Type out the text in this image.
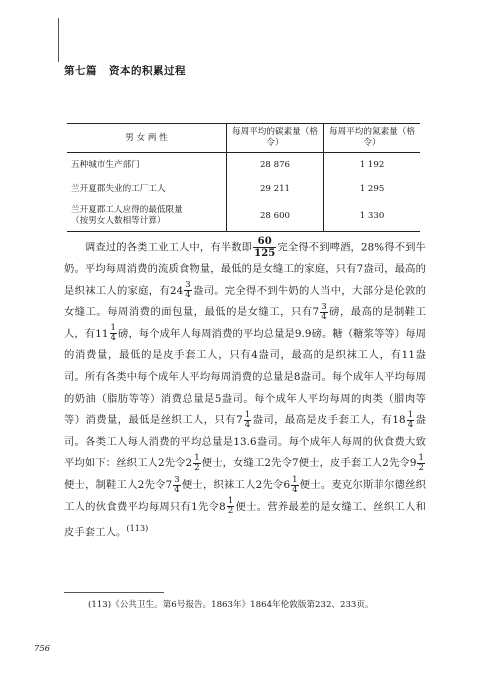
第七篇 资本的积累过程
男 女 两 性	每周平均的碳素量（格令）	每周平均的氮素量（格令）
五种城市生产部门	28 876	1 192
兰开夏郡失业的工厂工人	29 211	1 295
兰开夏郡工人应得的最低限量
（按男女人数相等计算）	28 600	1 330
　　调查过的各类工业工人中，有半数即 $\frac{60}{125}$ 完全得不到啤酒，28%得不到牛奶。平均每周消费的流质食物量，最低的是女缝工的家庭，只有7盎司，最高的是织袜工人的家庭，有$24 \frac{3}{4}$ 盎司。完全得不到牛奶的人当中，大部分是伦敦的女缝工。每周消费的面包量，最低的是女缝工，只有$7 \frac{3}{4}$ 磅，最高的是制鞋工人，有$11 \frac{1}{4}$ 磅，每个成年人每周消费的平均总量是9.9磅。糖（糖浆等等）每周的消费量，最低的是皮手套工人，只有4盎司，最高的是织袜工人，有11盎司。所有各类中每个成年人平均每周消费的总量是8盎司。每个成年人平均每周的奶油（脂肪等等）消费总量是5盎司。每个成年人平均每周的肉类（腊肉等等）消费量，最低是丝织工人，只有$7 \frac{1}{4}$ 盎司，最高是皮手套工人，有$18 \frac{1}{4}$ 盎司。各类工人每人消费的平均总量是13.6盎司。每个成年人每周的伙食费大致平均如下：丝织工人2先令$2 \frac{1}{2}$ 便士，女缝工2先令7便士，皮手套工人2先令$9 \frac{1}{2}$
便士，制鞋工人2先令$7 \frac{3}{4}$ 便士，织袜工人2先令$6 \frac{1}{4}$ 便士。麦克尔斯菲尔德丝织工人的伙食费平均每周只有1先令$8 \frac{1}{2}$ 便士。营养最差的是女缝工、丝织工人和皮手套工人。$^{(113)}$
(113)《公共卫生。第6号报告。1863年》1864年伦敦版第232、233页。
756
